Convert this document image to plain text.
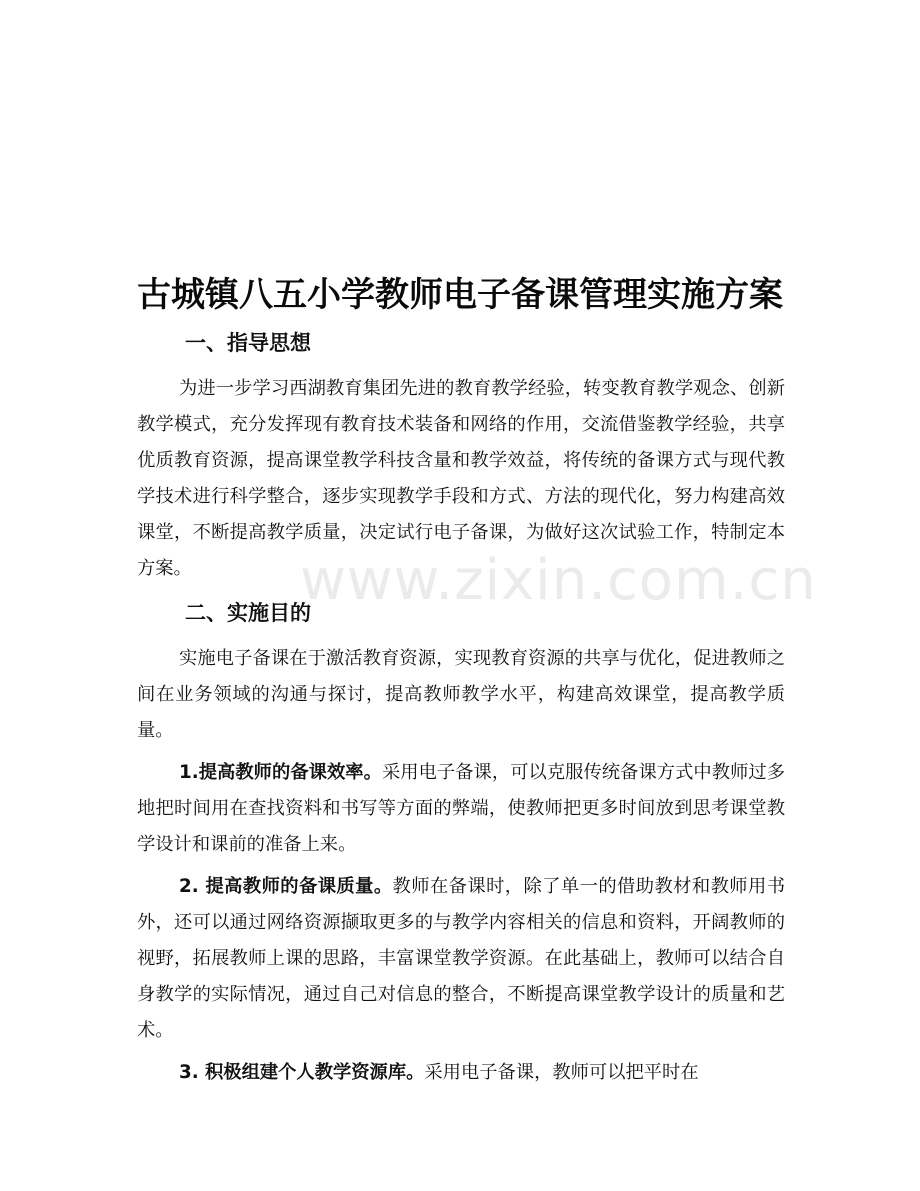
www.zixin.com.cn
古城镇八五小学教师电子备课管理实施方案
一、指导思想

为进一步学习西湖教育集团先进的教育教学经验，转变教育教学观念、创新教学模式，充分发挥现有教育技术装备和网络的作用，交流借鉴教学经验，共享优质教育资源，提高课堂教学科技含量和教学效益，将传统的备课方式与现代教学技术进行科学整合，逐步实现教学手段和方式、方法的现代化，努力构建高效课堂，不断提高教学质量，决定试行电子备课，为做好这次试验工作，特制定本方案。

二、实施目的

实施电子备课在于激活教育资源，实现教育资源的共享与优化，促进教师之间在业务领域的沟通与探讨，提高教师教学水平，构建高效课堂，提高教学质量。

1.提高教师的备课效率。采用电子备课，可以克服传统备课方式中教师过多地把时间用在查找资料和书写等方面的弊端，使教师把更多时间放到思考课堂教学设计和课前的准备上来。

2. 提高教师的备课质量。教师在备课时，除了单一的借助教材和教师用书外，还可以通过网络资源撷取更多的与教学内容相关的信息和资料，开阔教师的视野，拓展教师上课的思路，丰富课堂教学资源。在此基础上，教师可以结合自身教学的实际情况，通过自己对信息的整合，不断提高课堂教学设计的质量和艺术。

3. 积极组建个人教学资源库。采用电子备课，教师可以把平时在
